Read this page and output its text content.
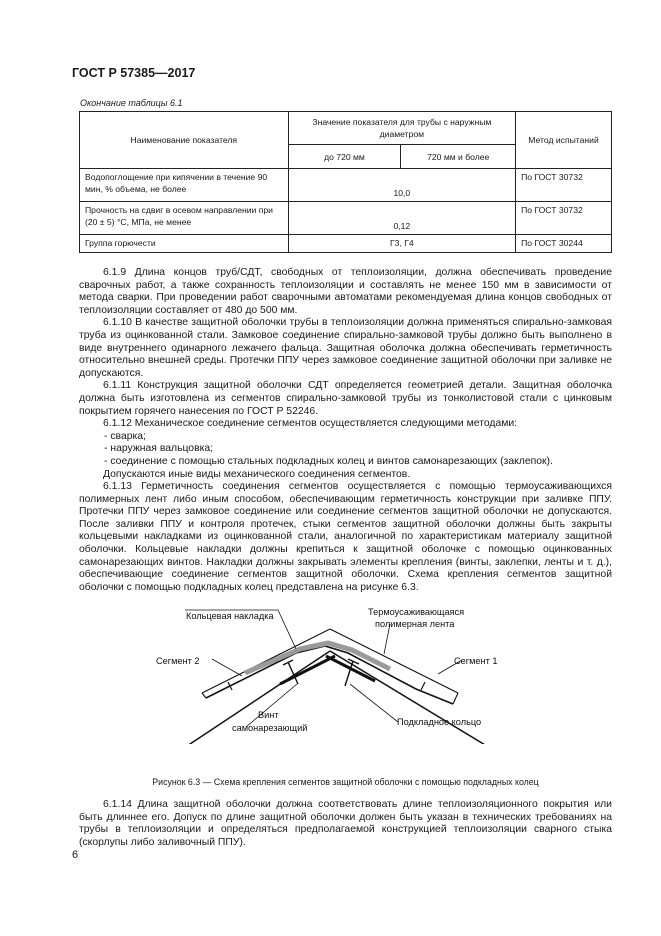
ГОСТ Р 57385—2017
Окончание таблицы 6.1
Наименование показателя	Значение показателя для трубы с наружным диаметром		Метод испытаний
	до 720 мм	720 мм и более	
Водопоглощение при кипячении в течение 90 мин, % объема, не более	10,0		По ГОСТ 30732
Прочность на сдвиг в осевом направлении при (20 ± 5) °С, МПа, не менее	0,12		По ГОСТ 30732
Группа горючести	Г3, Г4		По ГОСТ 30244

6.1.9 Длина концов труб/СДТ, свободных от теплоизоляции, должна обеспечивать проведение сварочных работ, а также сохранность теплоизоляции и составлять не менее 150 мм в зависимости от метода сварки. При проведении работ сварочными автоматами рекомендуемая длина концов свободных от теплоизоляции составляет от 480 до 500 мм.

6.1.10 В качестве защитной оболочки трубы в теплоизоляции должна применяться спирально-замковая труба из оцинкованной стали. Замковое соединение спирально-замковой трубы должно быть выполнено в виде внутреннего одинарного лежачего фальца. Защитная оболочка должна обеспечивать герметичность относительно внешней среды. Протечки ППУ через замковое соединение защитной оболочки при заливке не допускаются.

6.1.11 Конструкция защитной оболочки СДТ определяется геометрией детали. Защитная оболочка должна быть изготовлена из сегментов спирально-замковой трубы из тонколистовой стали с цинковым покрытием горячего нанесения по ГОСТ Р 52246.

6.1.12 Механическое соединение сегментов осуществляется следующими методами:

- сварка;

- наружная вальцовка;

- соединение с помощью стальных подкладных колец и винтов самонарезающих (заклепок).

Допускаются иные виды механического соединения сегментов.

6.1.13 Герметичность соединения сегментов осуществляется с помощью термоусаживающихся полимерных лент либо иным способом, обеспечивающим герметичность конструкции при заливке ППУ. Протечки ППУ через замковое соединение или соединение сегментов защитной оболочки не допускаются. После заливки ППУ и контроля протечек, стыки сегментов защитной оболочки должны быть закрыты кольцевыми накладками из оцинкованной стали, аналогичной по характеристикам материалу защитной оболочки. Кольцевые накладки должны крепиться к защитной оболочке с помощью оцинкованных самонарезающих винтов. Накладки должны закрывать элементы крепления (винты, заклепки, ленты и т. д.), обеспечивающие соединение сегментов защитной оболочки. Схема крепления сегментов защитной оболочки с помощью подкладных колец представлена на рисунке 6.3.

Кольцевая накладка	Термоусаживающаяся
полимерная лента
Сегмент 2	Сегмент 1
Винт
самонарезающий
Подкладное кольцо
Рисунок 6.3 — Схема крепления сегментов защитной оболочки с помощью подкладных колец

6.1.14 Длина защитной оболочки должна соответствовать длине теплоизоляционного покрытия или быть длиннее его. Допуск по длине защитной оболочки должен быть указан в технических требованиях на трубы в теплоизоляции и определяться предполагаемой конструкцией теплоизоляции сварного стыка (скорлупы либо заливочный ППУ).

6
